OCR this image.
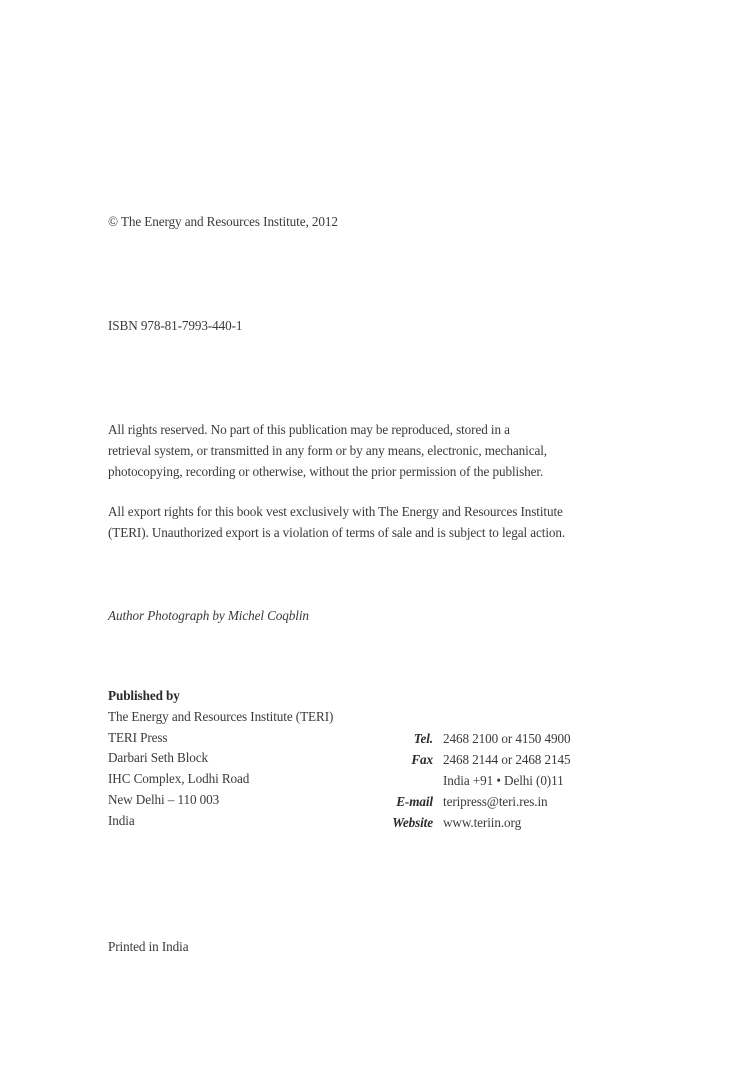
© The Energy and Resources Institute, 2012
ISBN 978-81-7993-440-1
All rights reserved. No part of this publication may be reproduced, stored in a
retrieval system, or transmitted in any form or by any means, electronic, mechanical,
photocopying, recording or otherwise, without the prior permission of the publisher.
All export rights for this book vest exclusively with The Energy and Resources Institute
(TERI). Unauthorized export is a violation of terms of sale and is subject to legal action.
Author Photograph by Michel Coqblin
Published by
The Energy and Resources Institute (TERI)
TERI Press
Darbari Seth Block
IHC Complex, Lodhi Road
New Delhi – 110 003
India
Tel. 2468 2100 or 4150 4900
Fax 2468 2144 or 2468 2145
India +91 • Delhi (0)11
E-mail teripress@teri.res.in
Website www.teriin.org
Printed in India
